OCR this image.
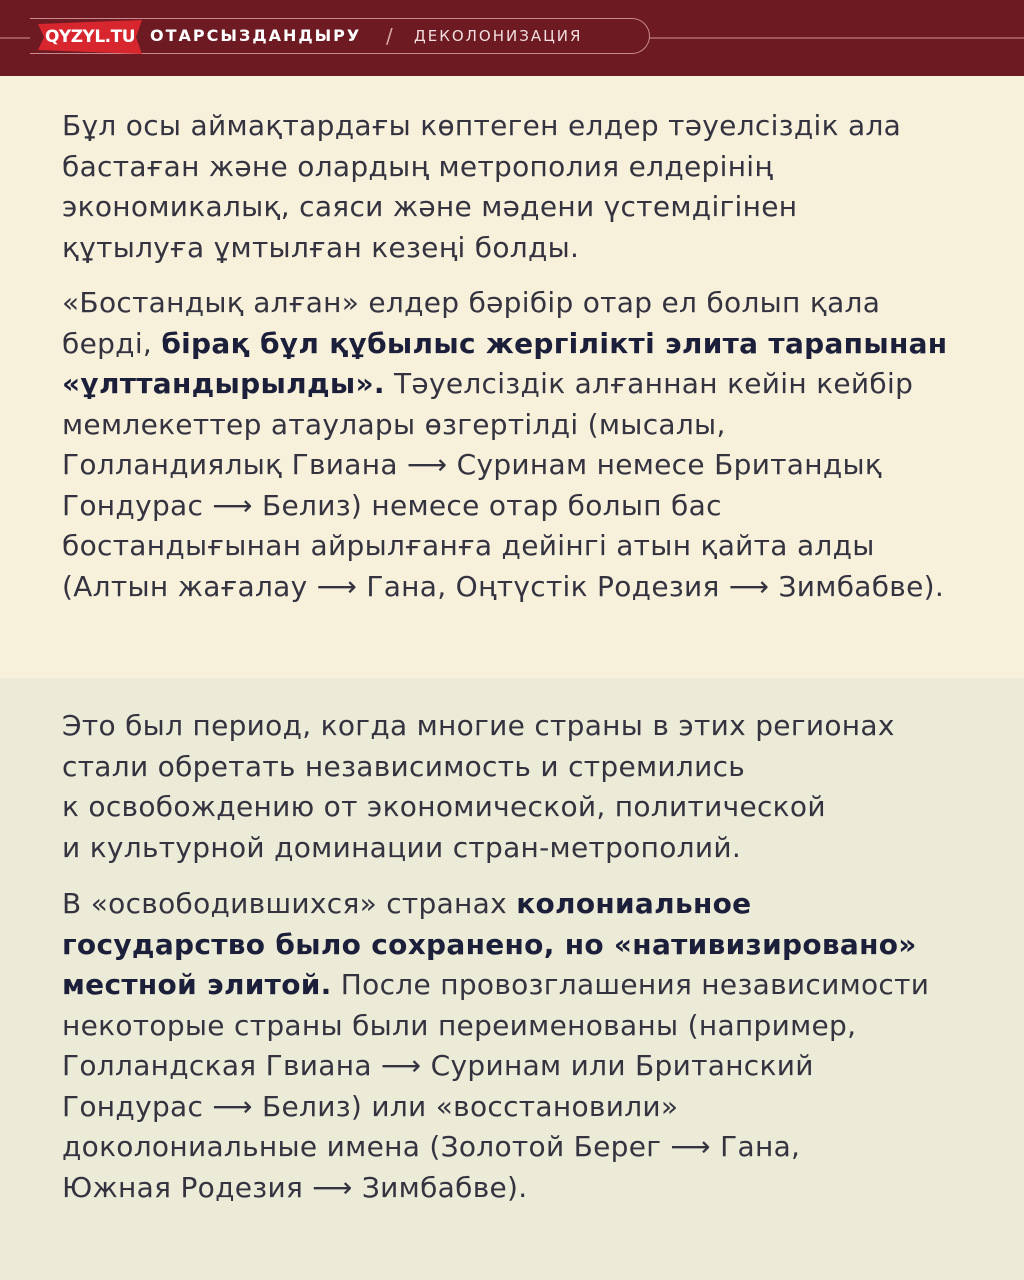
QYZYL.TU ОТАРСЫЗДАНДЫРУ / ДЕКОЛОНИЗАЦИЯ

Бұл осы аймақтардағы көптеген елдер тәуелсіздік ала
бастаған және олардың метрополия елдерінің
экономикалық, саяси және мәдени үстемдігінен
құтылуға ұмтылған кезеңі болды.

«Бостандық алған» елдер бәрібір отар ел болып қала
берді, бірақ бұл құбылыс жергілікті элита тарапынан
«ұлттандырылды». Тәуелсіздік алғаннан кейін кейбір
мемлекеттер атаулары өзгертілді (мысалы,
Голландиялық Гвиана ⟶ Суринам немесе Британдық
Гондурас ⟶ Белиз) немесе отар болып бас
бостандығынан айрылғанға дейінгі атын қайта алды
(Алтын жағалау ⟶ Гана, Оңтүстік Родезия ⟶ Зимбабве).

Это был период, когда многие страны в этих регионах
стали обретать независимость и стремились
к освобождению от экономической, политической
и культурной доминации стран-метрополий.

В «освободившихся» странах колониальное
государство было сохранено, но «нативизировано»
местной элитой. После провозглашения независимости
некоторые страны были переименованы (например,
Голландская Гвиана ⟶ Суринам или Британский
Гондурас ⟶ Белиз) или «восстановили»
доколониальные имена (Золотой Берег ⟶ Гана,
Южная Родезия ⟶ Зимбабве).
